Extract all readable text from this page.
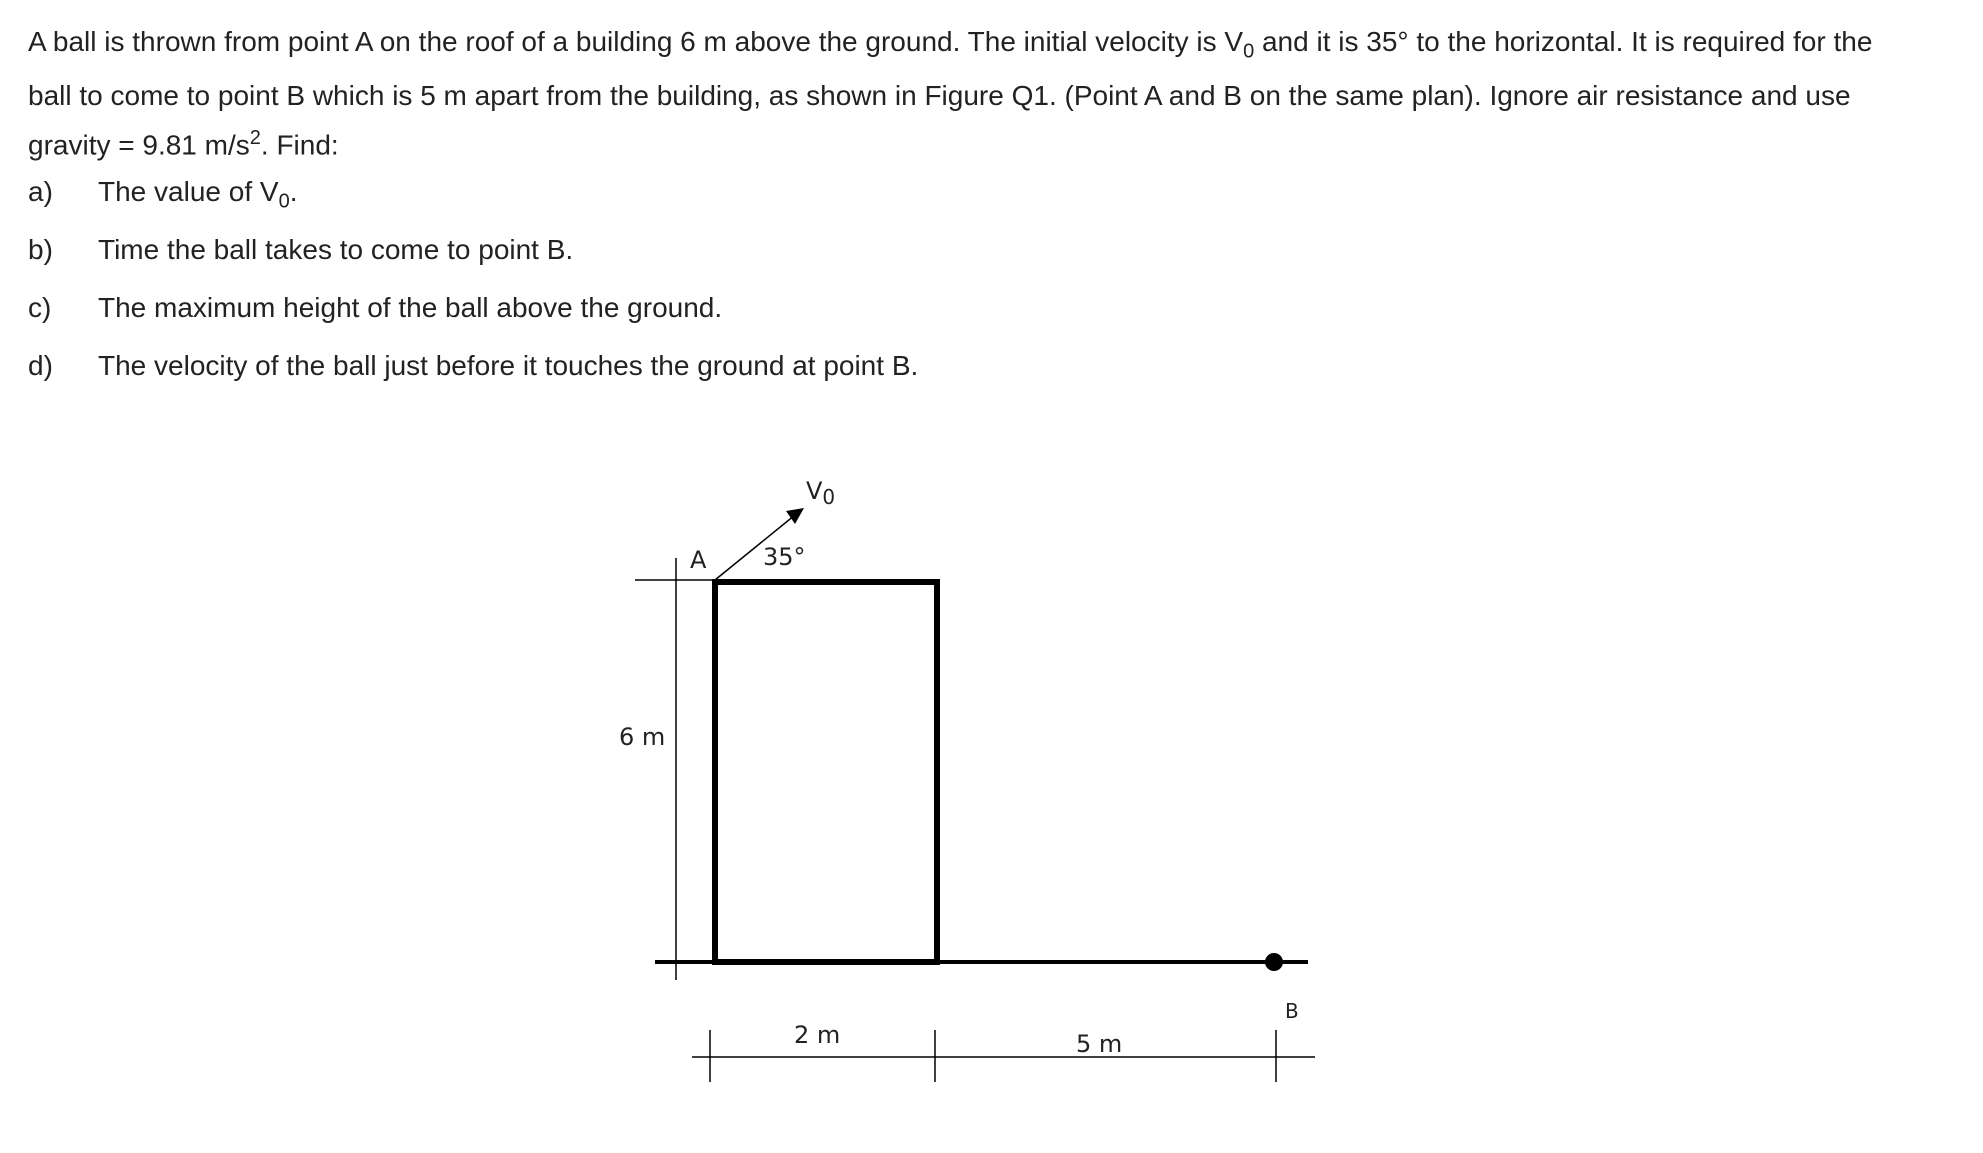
A ball is thrown from point A on the roof of a building 6 m above the ground. The initial velocity is $V_0$ and it is 35° to the horizontal. It is required for the ball to come to point B which is 5 m apart from the building, as shown in Figure Q1. (Point A and B on the same plan). Ignore air resistance and use gravity = 9.81 $m/s^2$. Find:

a)	The value of $V_0$.
b)	Time the ball takes to come to point B.
c)	The maximum height of the ball above the ground.
d)	The velocity of the ball just before it touches the ground at point B.
$V_0$
35°
A
6 m
2 m	5 m
B
